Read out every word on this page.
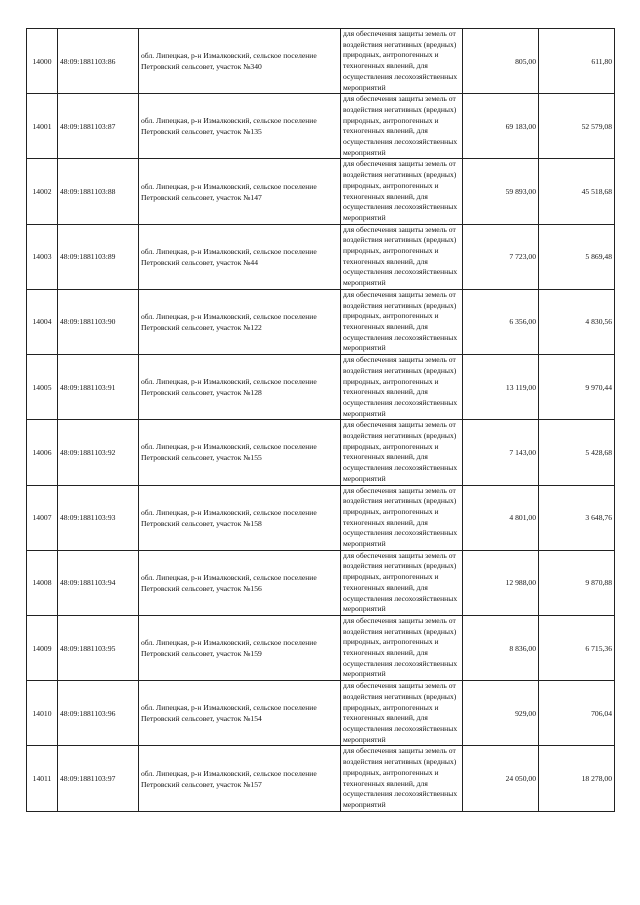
14000	48:09:1881103:86	обл. Липецкая, р-н Измалковский, сельское поселение Петровский сельсовет, участок №340	для обеспечения защиты земель от воздействия негативных (вредных) природных, антропогенных и техногенных явлений, для осуществления лесохозяйственных мероприятий	805,00	611,80
14001	48:09:1881103:87	обл. Липецкая, р-н Измалковский, сельское поселение Петровский сельсовет, участок №135	для обеспечения защиты земель от воздействия негативных (вредных) природных, антропогенных и техногенных явлений, для осуществления лесохозяйственных мероприятий	69 183,00	52 579,08
14002	48:09:1881103:88	обл. Липецкая, р-н Измалковский, сельское поселение Петровский сельсовет, участок №147	для обеспечения защиты земель от воздействия негативных (вредных) природных, антропогенных и техногенных явлений, для осуществления лесохозяйственных мероприятий	59 893,00	45 518,68
14003	48:09:1881103:89	обл. Липецкая, р-н Измалковский, сельское поселение Петровский сельсовет, участок №44	для обеспечения защиты земель от воздействия негативных (вредных) природных, антропогенных и техногенных явлений, для осуществления лесохозяйственных мероприятий	7 723,00	5 869,48
14004	48:09:1881103:90	обл. Липецкая, р-н Измалковский, сельское поселение Петровский сельсовет, участок №122	для обеспечения защиты земель от воздействия негативных (вредных) природных, антропогенных и техногенных явлений, для осуществления лесохозяйственных мероприятий	6 356,00	4 830,56
14005	48:09:1881103:91	обл. Липецкая, р-н Измалковский, сельское поселение Петровский сельсовет, участок №128	для обеспечения защиты земель от воздействия негативных (вредных) природных, антропогенных и техногенных явлений, для осуществления лесохозяйственных мероприятий	13 119,00	9 970,44
14006	48:09:1881103:92	обл. Липецкая, р-н Измалковский, сельское поселение Петровский сельсовет, участок №155	для обеспечения защиты земель от воздействия негативных (вредных) природных, антропогенных и техногенных явлений, для осуществления лесохозяйственных мероприятий	7 143,00	5 428,68
14007	48:09:1881103:93	обл. Липецкая, р-н Измалковский, сельское поселение Петровский сельсовет, участок №158	для обеспечения защиты земель от воздействия негативных (вредных) природных, антропогенных и техногенных явлений, для осуществления лесохозяйственных мероприятий	4 801,00	3 648,76
14008	48:09:1881103:94	обл. Липецкая, р-н Измалковский, сельское поселение Петровский сельсовет, участок №156	для обеспечения защиты земель от воздействия негативных (вредных) природных, антропогенных и техногенных явлений, для осуществления лесохозяйственных мероприятий	12 988,00	9 870,88
14009	48:09:1881103:95	обл. Липецкая, р-н Измалковский, сельское поселение Петровский сельсовет, участок №159	для обеспечения защиты земель от воздействия негативных (вредных) природных, антропогенных и техногенных явлений, для осуществления лесохозяйственных мероприятий	8 836,00	6 715,36
14010	48:09:1881103:96	обл. Липецкая, р-н Измалковский, сельское поселение Петровский сельсовет, участок №154	для обеспечения защиты земель от воздействия негативных (вредных) природных, антропогенных и техногенных явлений, для осуществления лесохозяйственных мероприятий	929,00	706,04
14011	48:09:1881103:97	обл. Липецкая, р-н Измалковский, сельское поселение Петровский сельсовет, участок №157	для обеспечения защиты земель от воздействия негативных (вредных) природных, антропогенных и техногенных явлений, для осуществления лесохозяйственных мероприятий	24 050,00	18 278,00
